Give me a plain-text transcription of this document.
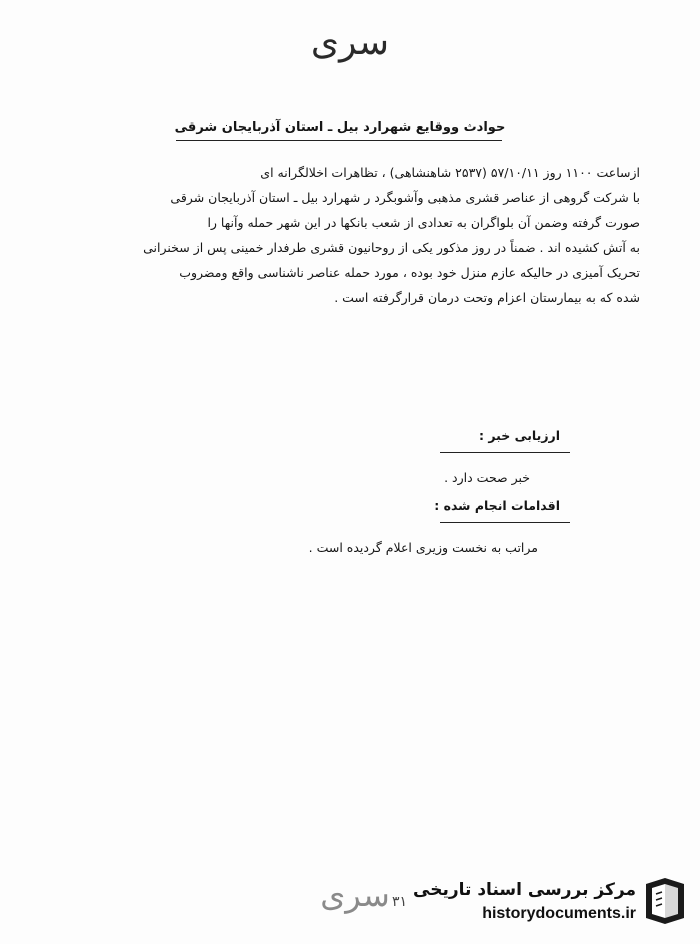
سری
حوادث ووقایع شهرارد بیل ـ استان آذربایجان شرقی
ازساعت ۱۱۰۰ روز ۵۷/۱۰/۱۱ (۲۵۳۷ شاهنشاهی) ، تظاهرات اخلالگرانه ای
با شرکت گروهی از عناصر قشری مذهبی وآشوبگرد ر شهرارد بیل ـ استان آذربایجان شرقی
صورت گرفته وضمن آن بلواگران به تعدادی از شعب بانکها در این شهر حمله وآنها را
به آتش کشیده اند . ضمناً در روز مذکور یکی از روحانیون قشری طرفدار خمینی پس از سخنرانی
تحریک آمیزی در حالیکه عازم منزل خود بوده ، مورد حمله عناصر ناشناسی واقع ومضروب
شده که به بیمارستان اعزام وتحت درمان قرارگرفته است .
ارزیابی خبر :
خبر صحت دارد .
اقدامات انجام شده :
مراتب به نخست وزیری اعلام گردیده است .
سری ۳۱
مرکز بررسی اسناد تاریخی
historydocuments.ir
